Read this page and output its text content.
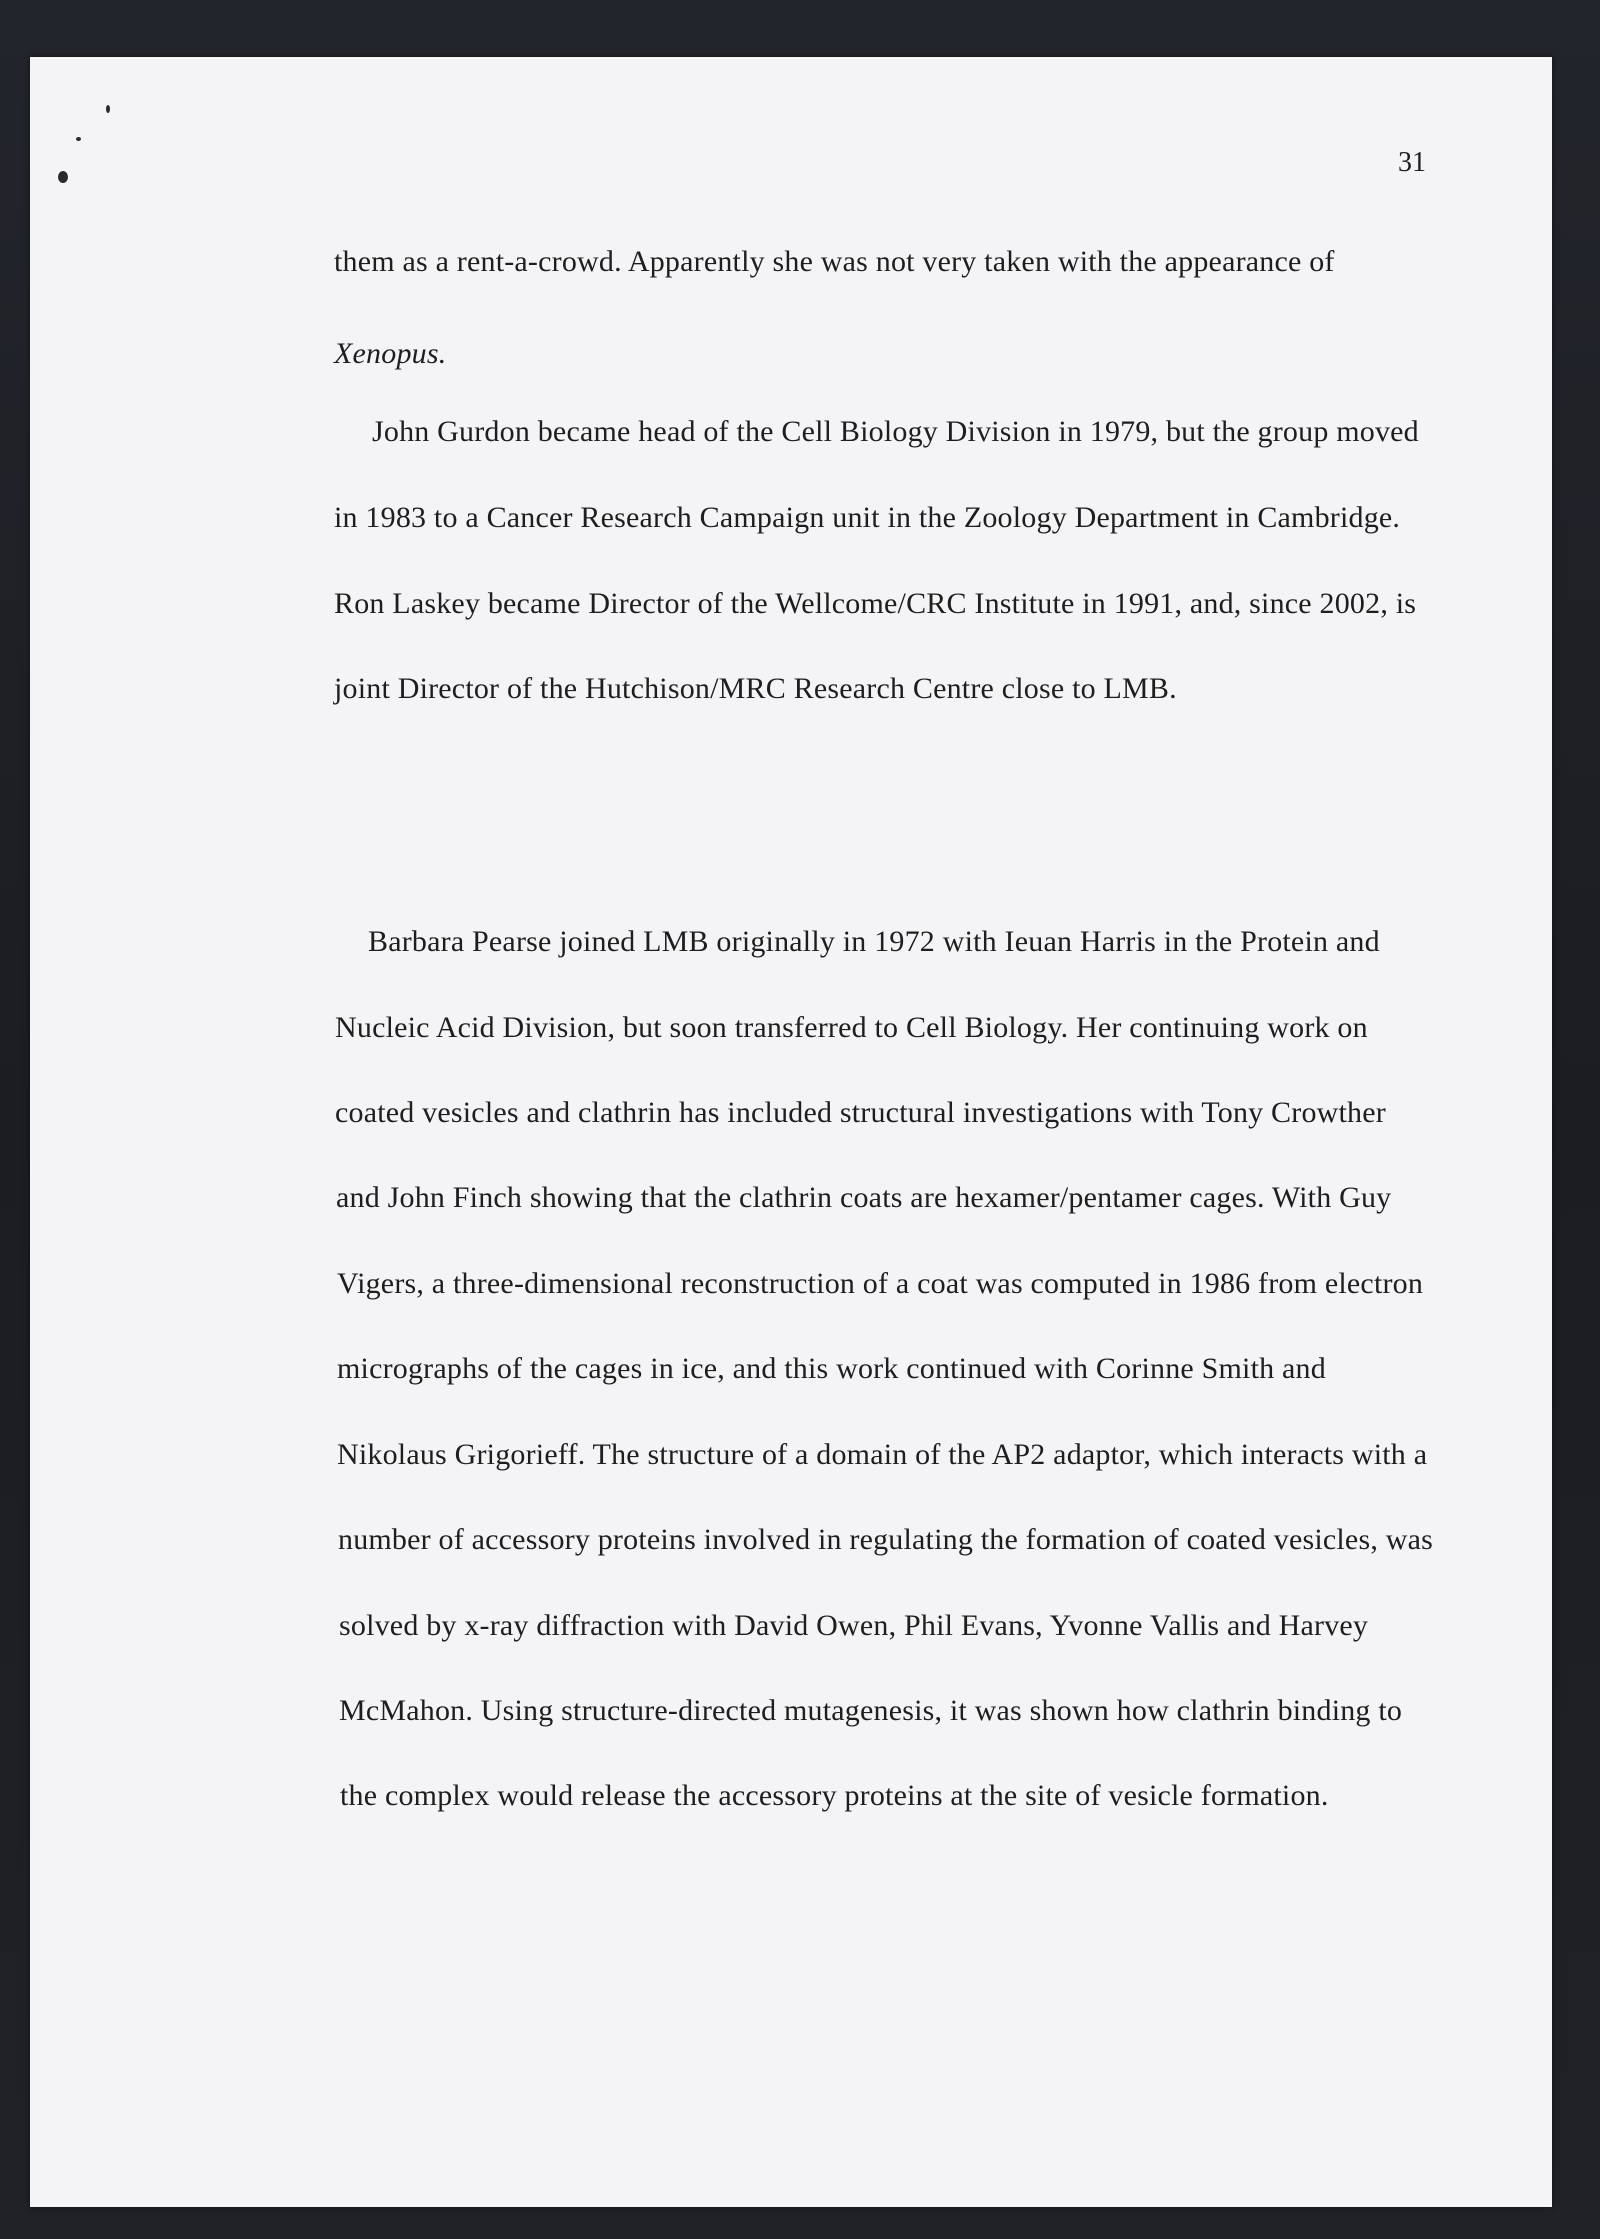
31
them as a rent-a-crowd. Apparently she was not very taken with the appearance of
Xenopus.
John Gurdon became head of the Cell Biology Division in 1979, but the group moved
in 1983 to a Cancer Research Campaign unit in the Zoology Department in Cambridge.
Ron Laskey became Director of the Wellcome/CRC Institute in 1991, and, since 2002, is
joint Director of the Hutchison/MRC Research Centre close to LMB.
Barbara Pearse joined LMB originally in 1972 with Ieuan Harris in the Protein and
Nucleic Acid Division, but soon transferred to Cell Biology. Her continuing work on
coated vesicles and clathrin has included structural investigations with Tony Crowther
and John Finch showing that the clathrin coats are hexamer/pentamer cages. With Guy
Vigers, a three-dimensional reconstruction of a coat was computed in 1986 from electron
micrographs of the cages in ice, and this work continued with Corinne Smith and
Nikolaus Grigorieff. The structure of a domain of the AP2 adaptor, which interacts with a
number of accessory proteins involved in regulating the formation of coated vesicles, was
solved by x-ray diffraction with David Owen, Phil Evans, Yvonne Vallis and Harvey
McMahon. Using structure-directed mutagenesis, it was shown how clathrin binding to
the complex would release the accessory proteins at the site of vesicle formation.
